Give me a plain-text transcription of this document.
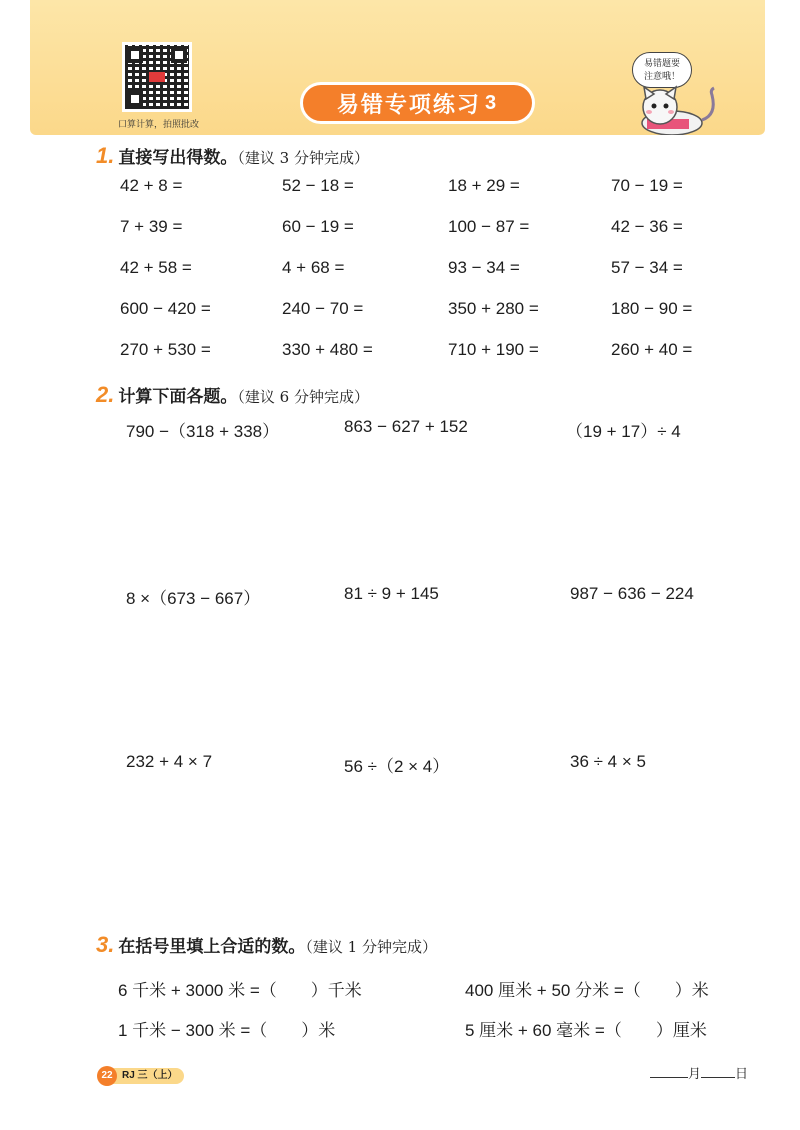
口算计算，拍照批改
易错专项练习 3
易错题要
注意哦！
1. 直接写出得数。（建议 3 分钟完成）
42 + 8 =	52 − 18 =	18 + 29 =	70 − 19 =
7 + 39 =	60 − 19 =	100 − 87 =	42 − 36 =
42 + 58 =	4 + 68 =	93 − 34 =	57 − 34 =
600 − 420 =	240 − 70 =	350 + 280 =	180 − 90 =
270 + 530 =	330 + 480 =	710 + 190 =	260 + 40 =
2. 计算下面各题。（建议 6 分钟完成）
790 −（318 + 338）	863 − 627 + 152	（19 + 17）÷ 4
8 ×（673 − 667）	81 ÷ 9 + 145	987 − 636 − 224
232 + 4 × 7	56 ÷（2 × 4）	36 ÷ 4 × 5
3. 在括号里填上合适的数。（建议 1 分钟完成）
6 千米 + 3000 米 =（　　）千米	400 厘米 + 50 分米 =（　　）米
1 千米 − 300 米 =（　　）米	5 厘米 + 60 毫米 =（　　）厘米
RJ 三（上）
22	月	日
